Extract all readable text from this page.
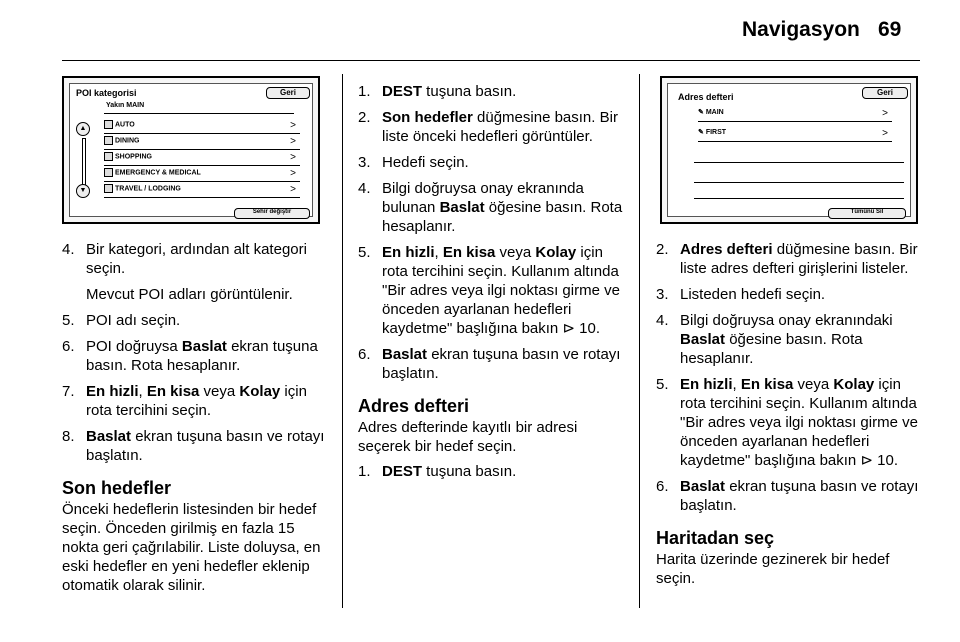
Navigasyon 69
POI kategorisi	Geri
Yakın MAIN
▲
▼
AUTO	>
DINING	>
SHOPPING	>
EMERGENCY & MEDICAL	>
TRAVEL / LODGING	>
Sehir değiştir
Adres defteri	Geri
✎ MAIN	>
✎ FIRST	>
Tümünü Sil
4. Bir kategori, ardından alt kategori seçin.
Mevcut POI adları görüntülenir.
5. POI adı seçin.
6. POI doğruysa Baslat ekran tuşuna basın. Rota hesaplanır.
7. En hizli, En kisa veya Kolay için rota tercihini seçin.
8. Baslat ekran tuşuna basın ve rotayı başlatın.
Son hedefler
Önceki hedeflerin listesinden bir hedef seçin. Önceden girilmiş en fazla 15 nokta geri çağrılabilir. Liste doluysa, en eski hedefler en yeni hedefler eklenip otomatik olarak silinir.
1. DEST tuşuna basın.
2. Son hedefler düğmesine basın. Bir liste önceki hedefleri görüntüler.
3. Hedefi seçin.
4. Bilgi doğruysa onay ekranında bulunan Baslat öğesine basın. Rota hesaplanır.
5. En hizli, En kisa veya Kolay için rota tercihini seçin. Kullanım altında "Bir adres veya ilgi noktası girme ve önceden ayarlanan hedefleri kaydetme" başlığına bakın ⊳ 10.
6. Baslat ekran tuşuna basın ve rotayı başlatın.
Adres defteri
Adres defterinde kayıtlı bir adresi seçerek bir hedef seçin.
1. DEST tuşuna basın.
2. Adres defteri düğmesine basın. Bir liste adres defteri girişlerini listeler.
3. Listeden hedefi seçin.
4. Bilgi doğruysa onay ekranındaki Baslat öğesine basın. Rota hesaplanır.
5. En hizli, En kisa veya Kolay için rota tercihini seçin. Kullanım altında "Bir adres veya ilgi noktası girme ve önceden ayarlanan hedefleri kaydetme" başlığına bakın ⊳ 10.
6. Baslat ekran tuşuna basın ve rotayı başlatın.
Haritadan seç
Harita üzerinde gezinerek bir hedef seçin.
